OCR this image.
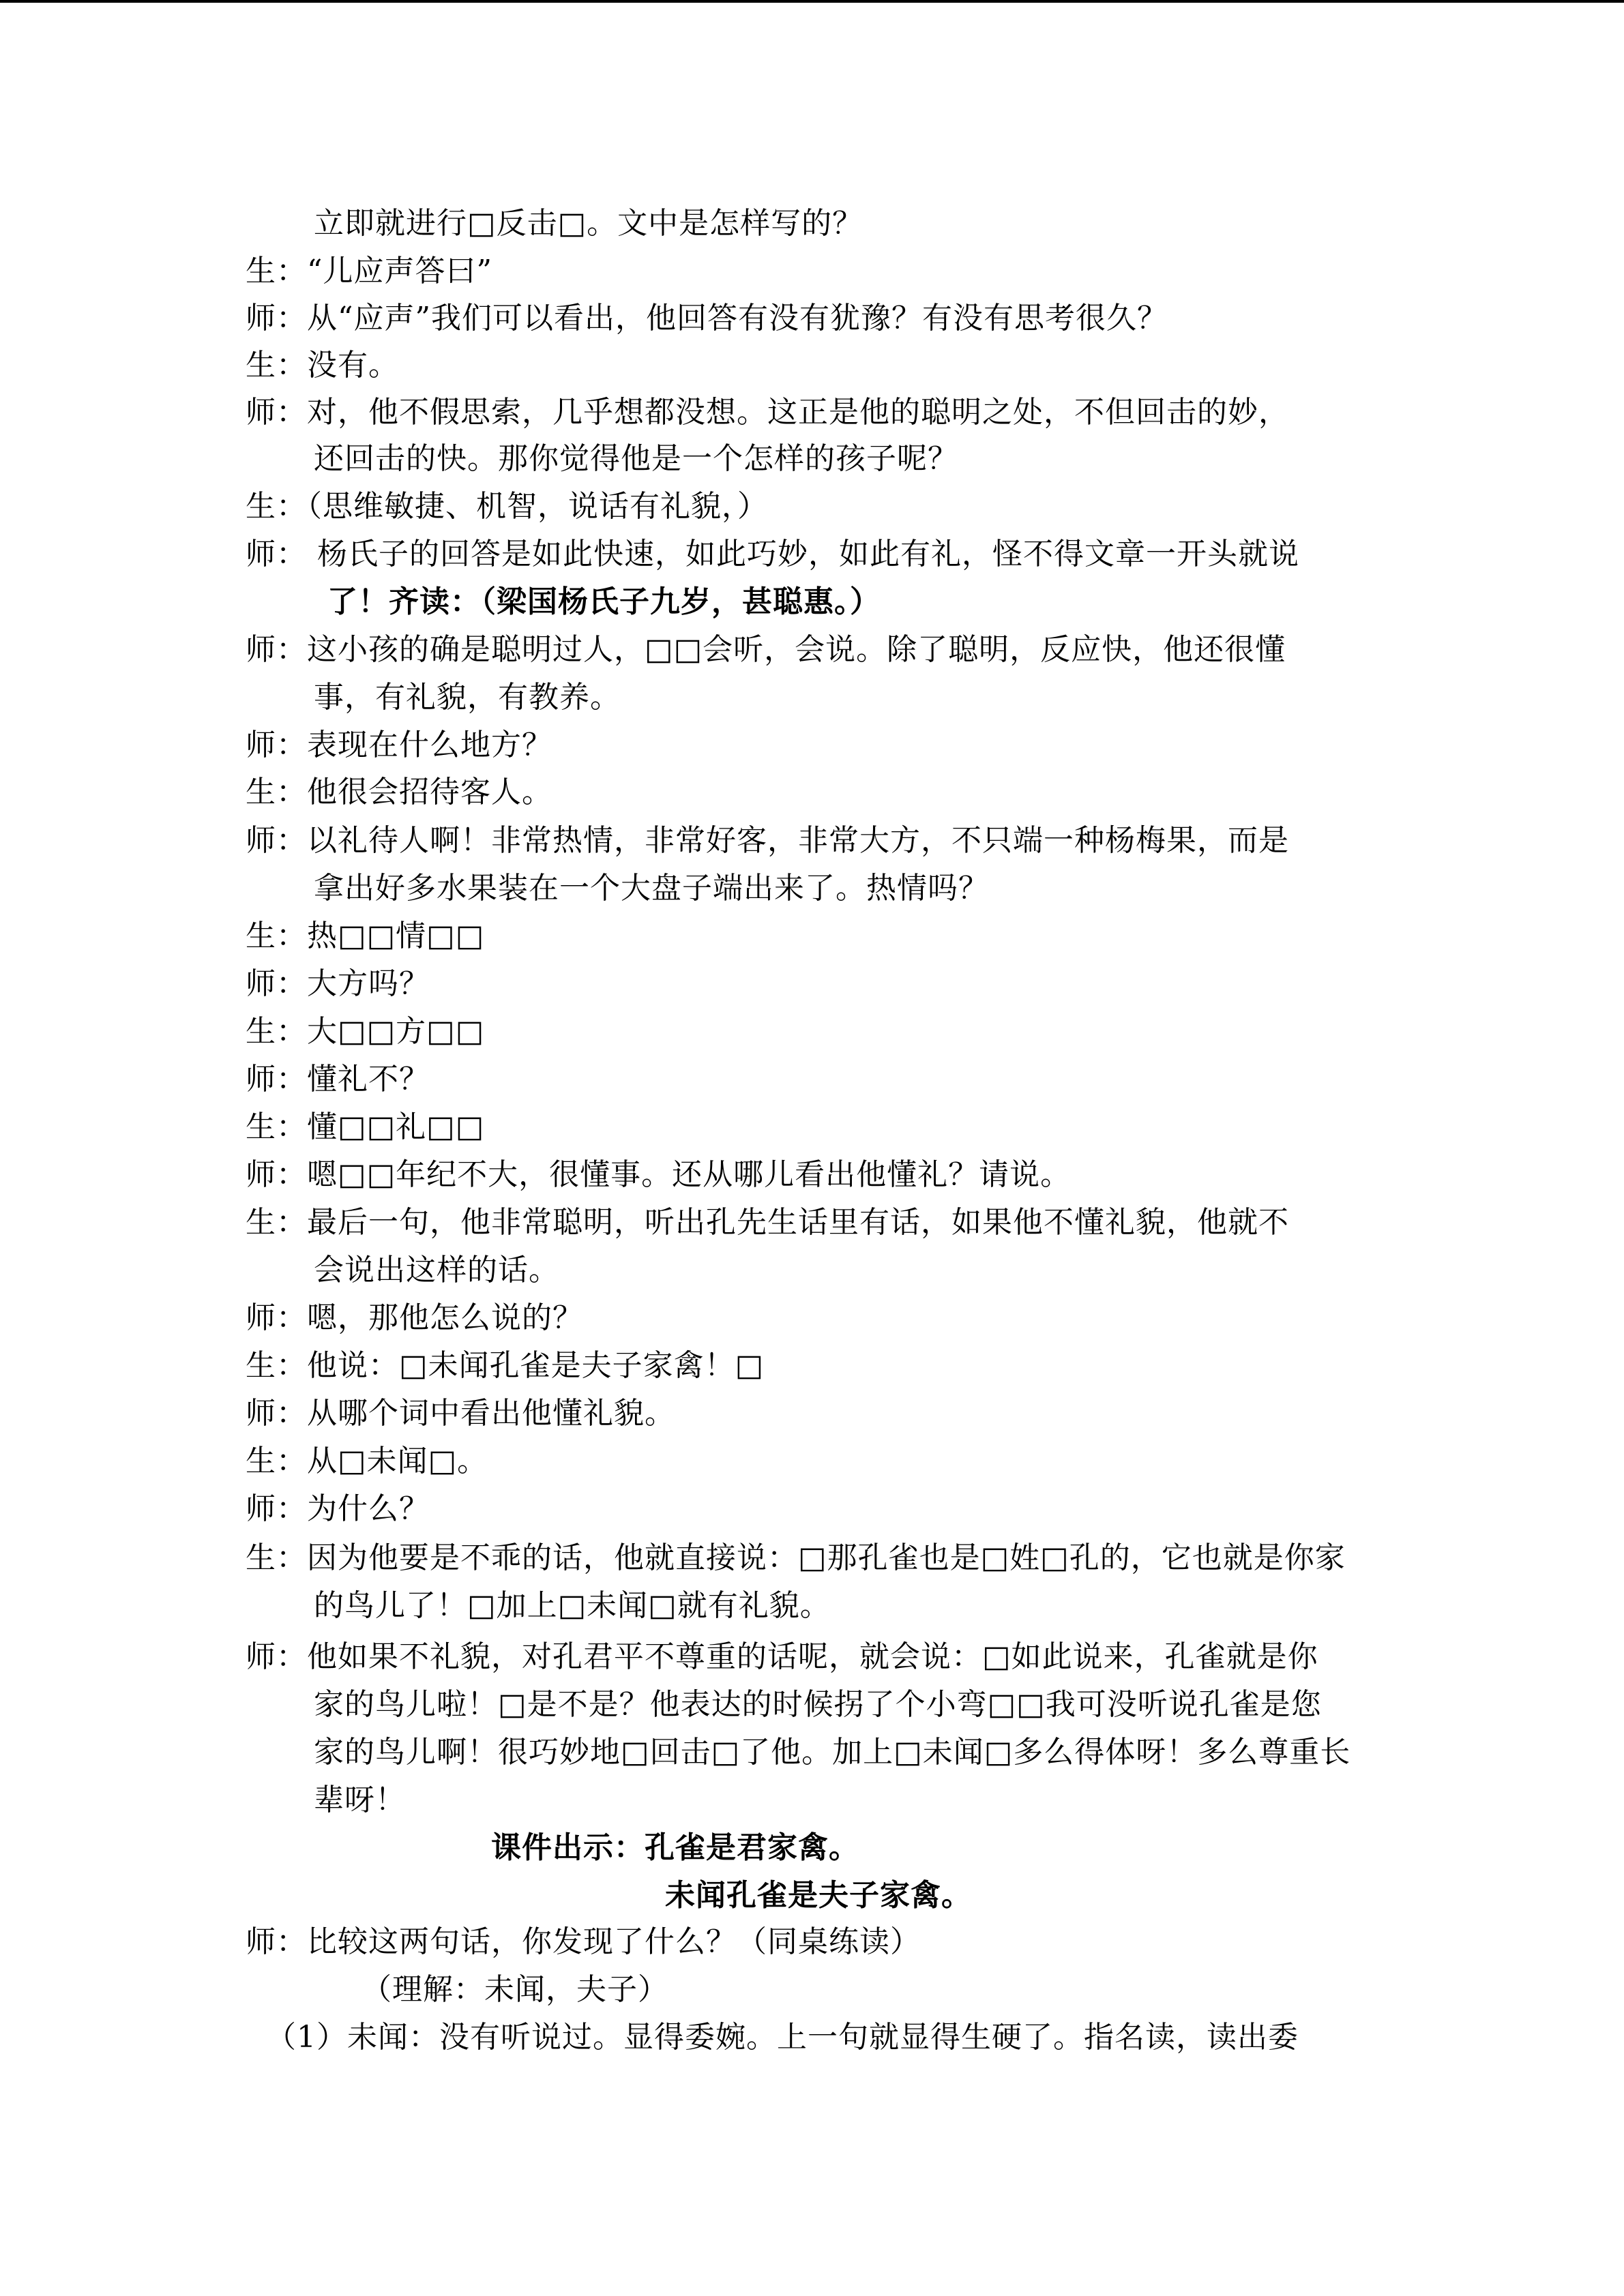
立即就进行□反击□。文中是怎样写的？
生：“儿应声答曰”
师：从“应声”我们可以看出，他回答有没有犹豫？有没有思考很久？
生：没有。
师：对，他不假思索，几乎想都没想。这正是他的聪明之处，不但回击的妙，
还回击的快。那你觉得他是一个怎样的孩子呢？
生：（思维敏捷、机智，说话有礼貌，）
师： 杨氏子的回答是如此快速，如此巧妙，如此有礼，怪不得文章一开头就说
了！齐读：（梁国杨氏子九岁，甚聪惠。）
师：这小孩的确是聪明过人，□□会听，会说。除了聪明，反应快，他还很懂
事，有礼貌，有教养。
师：表现在什么地方？
生：他很会招待客人。
师：以礼待人啊！非常热情，非常好客，非常大方，不只端一种杨梅果，而是
拿出好多水果装在一个大盘子端出来了。热情吗？
生：热□□情□□
师：大方吗？
生：大□□方□□
师：懂礼不？
生：懂□□礼□□
师：嗯□□年纪不大，很懂事。还从哪儿看出他懂礼？请说。
生：最后一句，他非常聪明，听出孔先生话里有话，如果他不懂礼貌，他就不
会说出这样的话。
师：嗯，那他怎么说的？
生：他说：□未闻孔雀是夫子家禽！□
师：从哪个词中看出他懂礼貌。
生：从□未闻□。
师：为什么？
生：因为他要是不乖的话，他就直接说：□那孔雀也是□姓□孔的，它也就是你家
的鸟儿了！□加上□未闻□就有礼貌。
师：他如果不礼貌，对孔君平不尊重的话呢，就会说：□如此说来，孔雀就是你
家的鸟儿啦！□是不是？他表达的时候拐了个小弯□□我可没听说孔雀是您
家的鸟儿啊！很巧妙地□回击□了他。加上□未闻□多么得体呀！多么尊重长
辈呀！
课件出示：孔雀是君家禽。
未闻孔雀是夫子家禽。
师：比较这两句话，你发现了什么？（同桌练读）
（理解：未闻，夫子）
（1）未闻：没有听说过。显得委婉。上一句就显得生硬了。指名读，读出委
